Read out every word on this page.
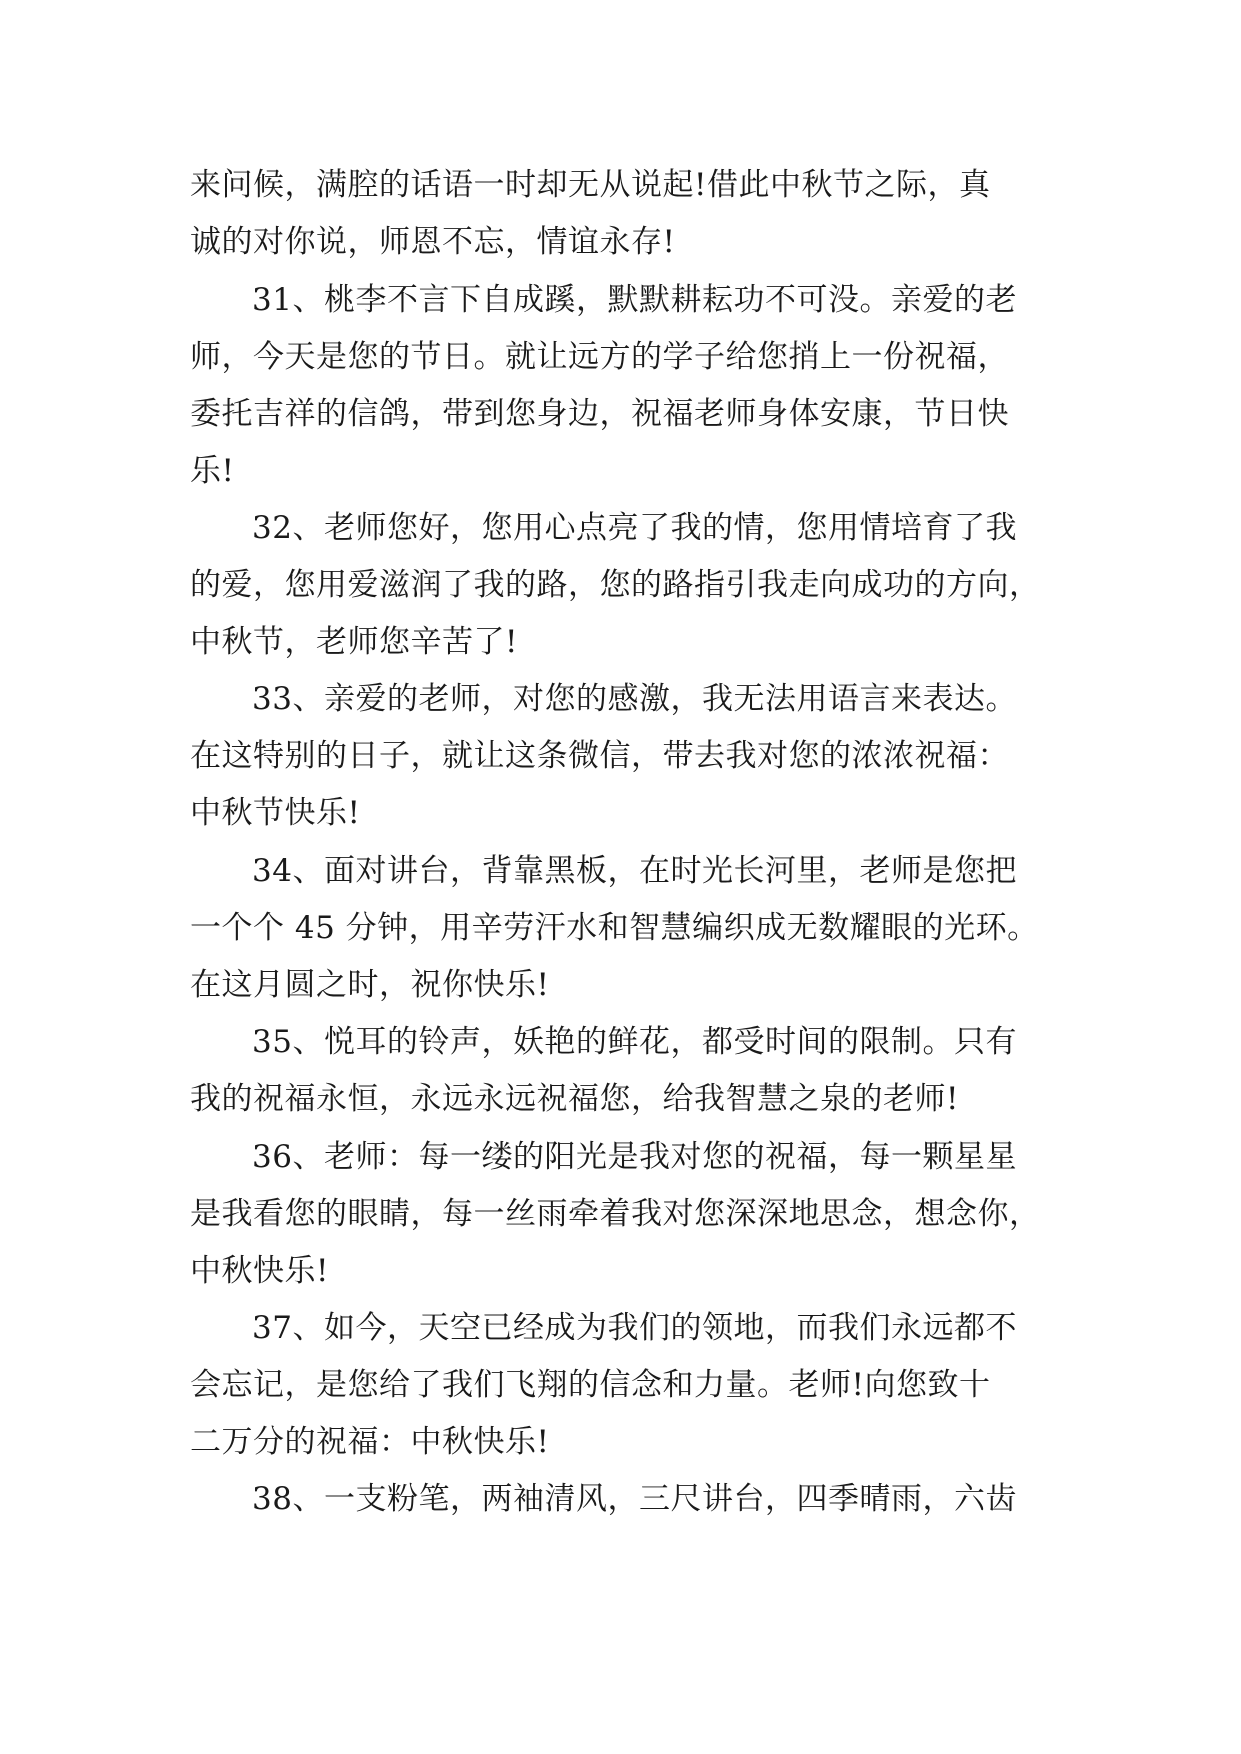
来问候，满腔的话语一时却无从说起!借此中秋节之际，真
诚的对你说，师恩不忘，情谊永存!
31、桃李不言下自成蹊，默默耕耘功不可没。亲爱的老
师，今天是您的节日。就让远方的学子给您捎上一份祝福，
委托吉祥的信鸽，带到您身边，祝福老师身体安康，节日快
乐!
32、老师您好，您用心点亮了我的情，您用情培育了我
的爱，您用爱滋润了我的路，您的路指引我走向成功的方向，
中秋节，老师您辛苦了!
33、亲爱的老师，对您的感激，我无法用语言来表达。
在这特别的日子，就让这条微信，带去我对您的浓浓祝福：
中秋节快乐!
34、面对讲台，背靠黑板，在时光长河里，老师是您把
一个个 45 分钟，用辛劳汗水和智慧编织成无数耀眼的光环。
在这月圆之时，祝你快乐!
35、悦耳的铃声，妖艳的鲜花，都受时间的限制。只有
我的祝福永恒，永远永远祝福您，给我智慧之泉的老师!
36、老师：每一缕的阳光是我对您的祝福，每一颗星星
是我看您的眼睛，每一丝雨牵着我对您深深地思念，想念你，
中秋快乐!
37、如今，天空已经成为我们的领地，而我们永远都不
会忘记，是您给了我们飞翔的信念和力量。老师!向您致十
二万分的祝福：中秋快乐!
38、一支粉笔，两袖清风，三尺讲台，四季晴雨，六齿
